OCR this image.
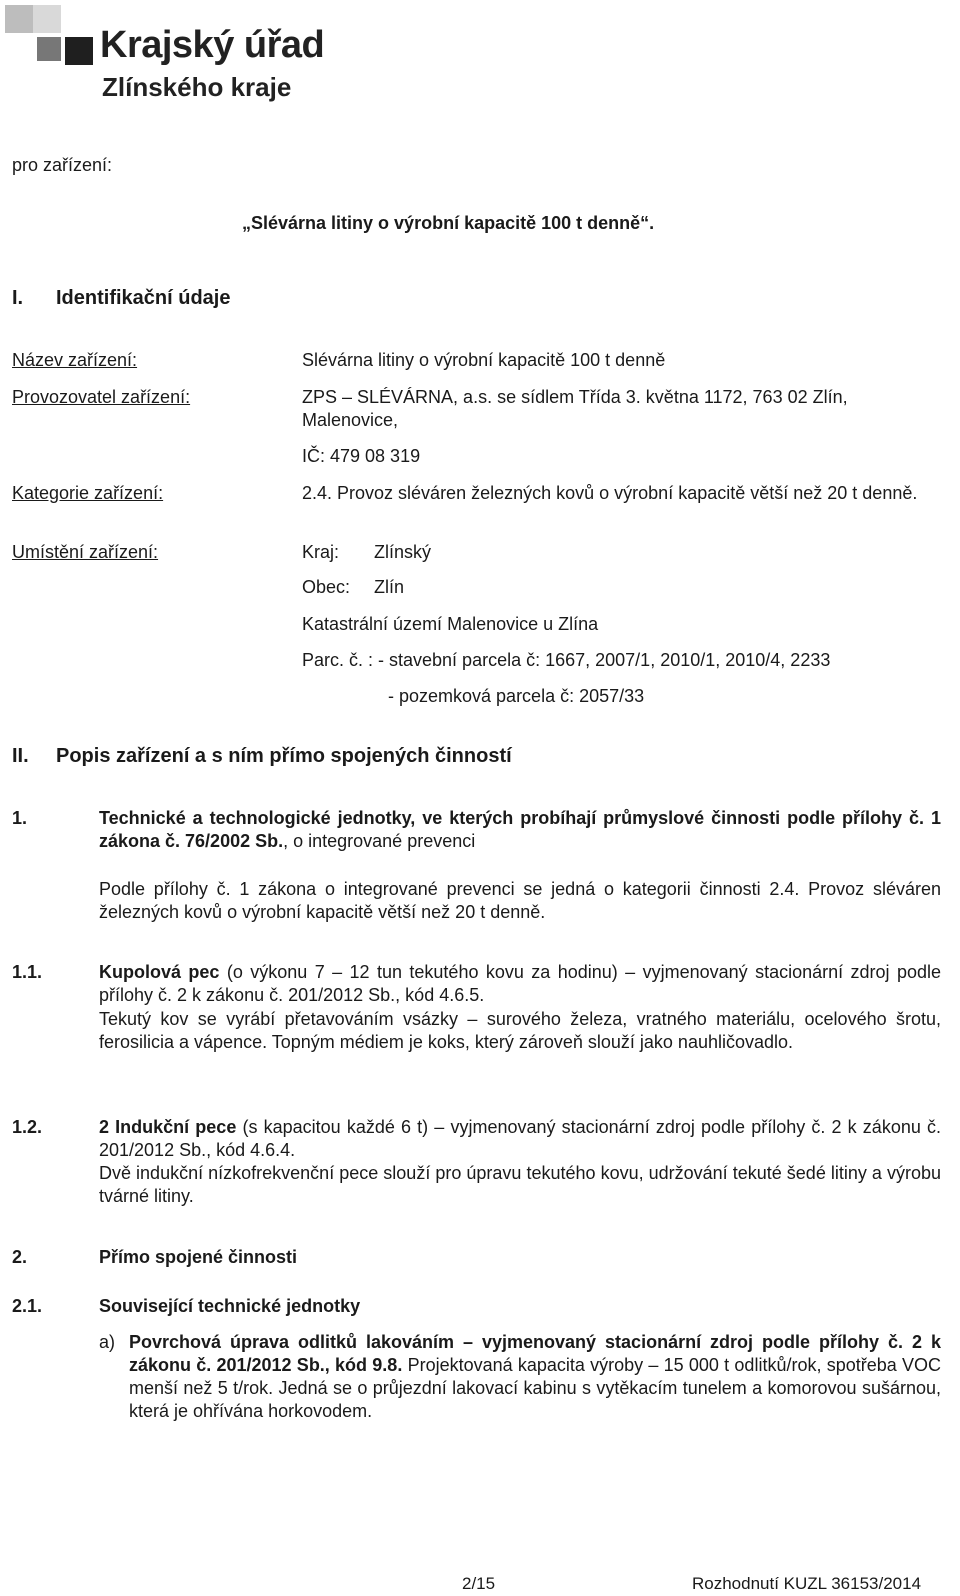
Krajský úřad
Zlínského kraje
pro zařízení:
„Slévárna litiny o výrobní kapacitě 100 t denně“.
I. Identifikační údaje
Název zařízení:	Slévárna litiny o výrobní kapacitě 100 t denně
Provozovatel zařízení:	ZPS – SLÉVÁRNA, a.s. se sídlem Třída 3. května 1172, 763 02 Zlín, Malenovice,
IČ: 479 08 319
Kategorie zařízení:	2.4. Provoz sléváren železných kovů o výrobní kapacitě větší než 20 t denně.
Umístění zařízení:	Kraj: Zlínský
Obec: Zlín
Katastrální území Malenovice u Zlína
Parc. č. : - stavební parcela č: 1667, 2007/1, 2010/1, 2010/4, 2233
- pozemková parcela č: 2057/33
II. Popis zařízení a s ním přímo spojených činností
1.	Technické a technologické jednotky, ve kterých probíhají průmyslové činnosti podle přílohy č. 1 zákona č. 76/2002 Sb., o integrované prevenci
Podle přílohy č. 1 zákona o integrované prevenci se jedná o kategorii činnosti 2.4. Provoz sléváren železných kovů o výrobní kapacitě větší než 20 t denně.
1.1.	Kupolová pec (o výkonu 7 – 12 tun tekutého kovu za hodinu) – vyjmenovaný stacionární zdroj podle přílohy č. 2 k zákonu č. 201/2012 Sb., kód 4.6.5.
Tekutý kov se vyrábí přetavováním vsázky – surového železa, vratného materiálu, ocelového šrotu, ferosilicia a vápence. Topným médiem je koks, který zároveň slouží jako nauhličovadlo.
1.2.	2 Indukční pece (s kapacitou každé 6 t) – vyjmenovaný stacionární zdroj podle přílohy č. 2 k zákonu č. 201/2012 Sb., kód 4.6.4.
Dvě indukční nízkofrekvenční pece slouží pro úpravu tekutého kovu, udržování tekuté šedé litiny a výrobu tvárné litiny.
2.	Přímo spojené činnosti
2.1.	Související technické jednotky
a) Povrchová úprava odlitků lakováním – vyjmenovaný stacionární zdroj podle přílohy č. 2 k zákonu č. 201/2012 Sb., kód 9.8. Projektovaná kapacita výroby – 15 000 t odlitků/rok, spotřeba VOC menší než 5 t/rok. Jedná se o průjezdní lakovací kabinu s vytěkacím tunelem a komorovou sušárnou, která je ohřívána horkovodem.
2/15	Rozhodnutí KUZL 36153/2014
